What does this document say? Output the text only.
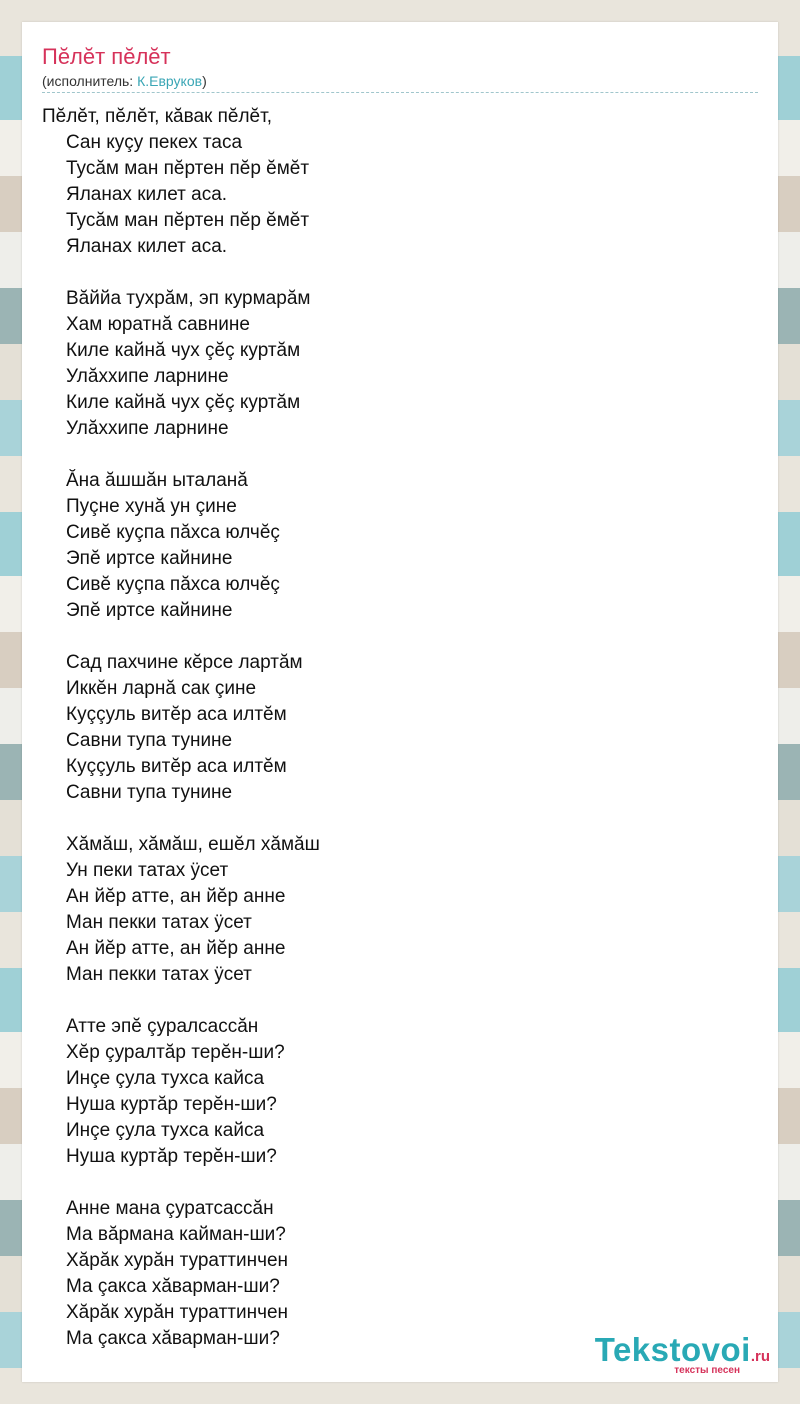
Пĕлĕт пĕлĕт
(исполнитель: К.Евруков)
Пĕлĕт, пĕлĕт, кăвак пĕлĕт,
Сан куçу пекех таса
Тусăм ман пĕртен пĕр ĕмĕт
Яланах килет аса.
Тусăм ман пĕртен пĕр ĕмĕт
Яланах килет аса.
Вăййа тухрăм, эп курмарăм
Хам юратнă савнине
Киле кайнă чух çĕç куртăм
Улăххипе ларнине
Киле кайнă чух çĕç куртăм
Улăххипе ларнине
Ăна ăшшăн ыталанă
Пуçне хунă ун çине
Сивĕ куçпа пăхса юлчĕç
Эпĕ иртсе кайнине
Сивĕ куçпа пăхса юлчĕç
Эпĕ иртсе кайнине
Сад пахчине кĕрсе лартăм
Иккĕн ларнă сак çине
Куççуль витĕр аса илтĕм
Савни тупа тунине
Куççуль витĕр аса илтĕм
Савни тупа тунине
Хăмăш, хăмăш, ешĕл хăмăш
Ун пеки татах ÿсет
Ан йĕр атте, ан йĕр анне
Ман пекки татах ÿсет
Ан йĕр атте, ан йĕр анне
Ман пекки татах ÿсет
Атте эпĕ çуралсассăн
Хĕр çуралтăр терĕн-ши?
Инçе çула тухса кайса
Нуша куртăр терĕн-ши?
Инçе çула тухса кайса
Нуша куртăр терĕн-ши?
Анне мана çуратсассăн
Ма вăрмана кайман-ши?
Хăрăк хурăн тураттинчен
Ма çакса хăварман-ши?
Хăрăк хурăн тураттинчен
Ма çакса хăварман-ши?	Tekstovoi.ru
тексты песен
